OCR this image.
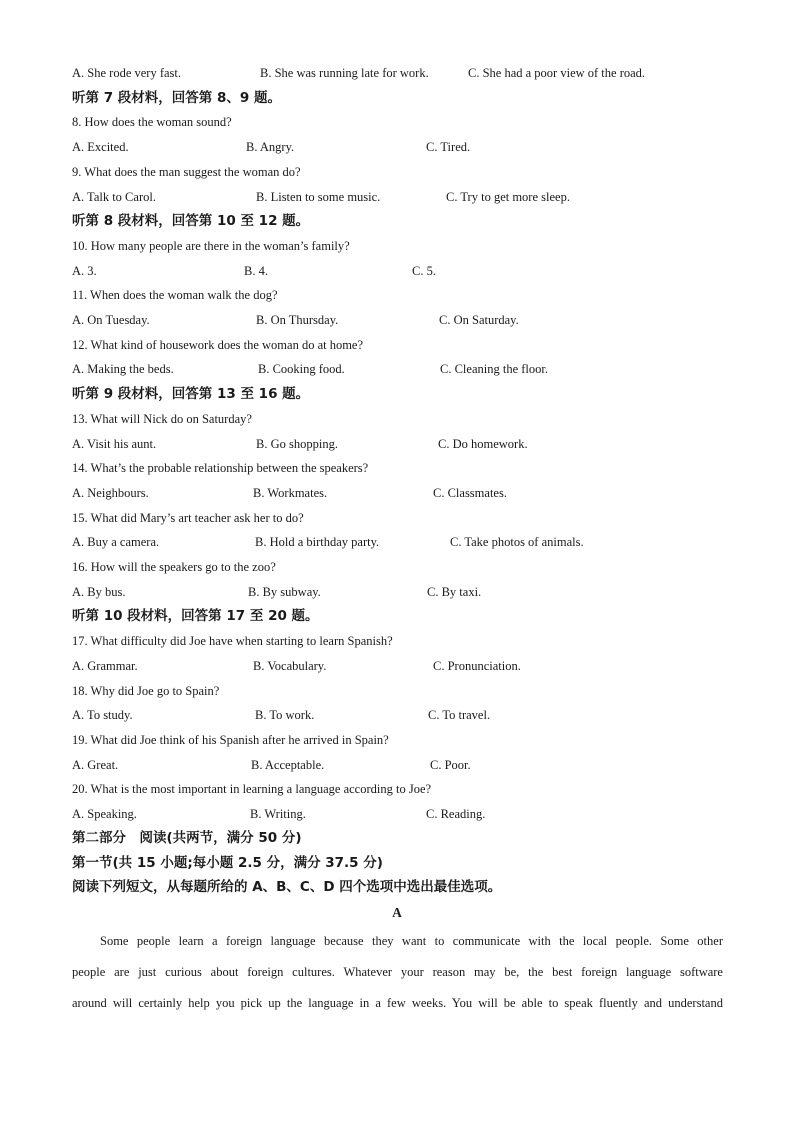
A. She rode very fast.	B. She was running late for work.	C. She had a poor view of the road.
听第 7 段材料，回答第 8、9 题。
8. How does the woman sound?
A. Excited.	B. Angry.	C. Tired.
9. What does the man suggest the woman do?
A. Talk to Carol.	B. Listen to some music.	C. Try to get more sleep.
听第 8 段材料，回答第 10 至 12 题。
10. How many people are there in the woman’s family?
A. 3.	B. 4.	C. 5.
11. When does the woman walk the dog?
A. On Tuesday.	B. On Thursday.	C. On Saturday.
12. What kind of housework does the woman do at home?
A. Making the beds.	B. Cooking food.	C. Cleaning the floor.
听第 9 段材料，回答第 13 至 16 题。
13. What will Nick do on Saturday?
A. Visit his aunt.	B. Go shopping.	C. Do homework.
14. What’s the probable relationship between the speakers?
A. Neighbours.	B. Workmates.	C. Classmates.
15. What did Mary’s art teacher ask her to do?
A. Buy a camera.	B. Hold a birthday party.	C. Take photos of animals.
16. How will the speakers go to the zoo?
A. By bus.	B. By subway.	C. By taxi.
听第 10 段材料，回答第 17 至 20 题。
17. What difficulty did Joe have when starting to learn Spanish?
A. Grammar.	B. Vocabulary.	C. Pronunciation.
18. Why did Joe go to Spain?
A. To study.	B. To work.	C. To travel.
19. What did Joe think of his Spanish after he arrived in Spain?
A. Great.	B. Acceptable.	C. Poor.
20. What is the most important in learning a language according to Joe?
A. Speaking.	B. Writing.	C. Reading.
第二部分　阅读(共两节，满分 50 分)
第一节(共 15 小题;每小题 2.5 分，满分 37.5 分)
阅读下列短文，从每题所给的 A、B、C、D 四个选项中选出最佳选项。
A
Some people learn a foreign language because they want to communicate with the local people. Some other
people are just curious about foreign cultures. Whatever your reason may be, the best foreign language software
around will certainly help you pick up the language in a few weeks. You will be able to speak fluently and understand
